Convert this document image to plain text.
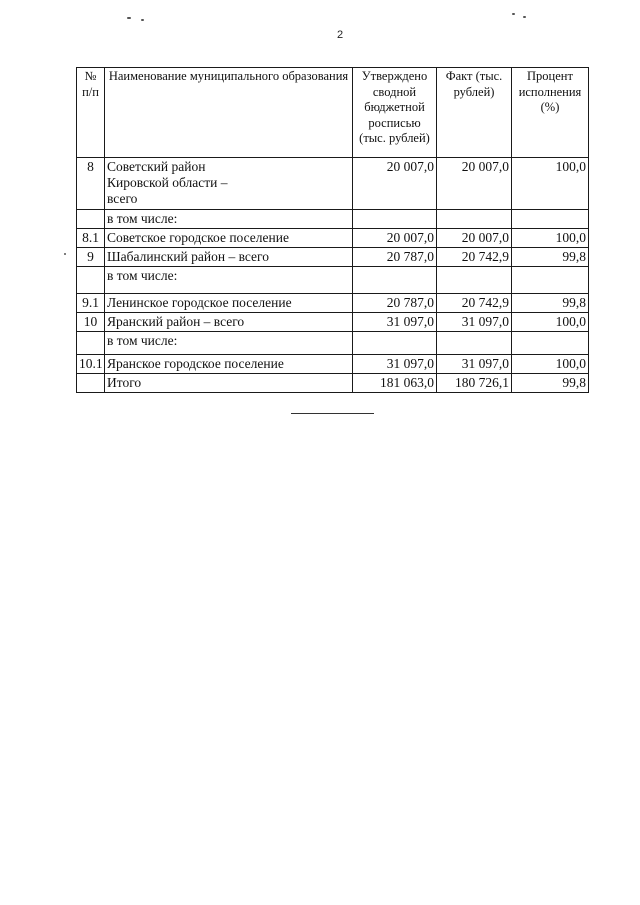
2
№ п/п	Наименование муниципального образования	Утверждено сводной бюджетной росписью (тыс. рублей)	Факт (тыс. рублей)	Процент исполнения (%)
8	Советский район Кировской области – всего	20 007,0	20 007,0	100,0
	в том числе:			
8.1	Советское городское поселение	20 007,0	20 007,0	100,0
9	Шабалинский район – всего	20 787,0	20 742,9	99,8
	в том числе:			
9.1	Ленинское городское поселение	20 787,0	20 742,9	99,8
10	Яранский район – всего	31 097,0	31 097,0	100,0
	в том числе:			
10.1	Яранское городское поселение	31 097,0	31 097,0	100,0
	Итого	181 063,0	180 726,1	99,8
